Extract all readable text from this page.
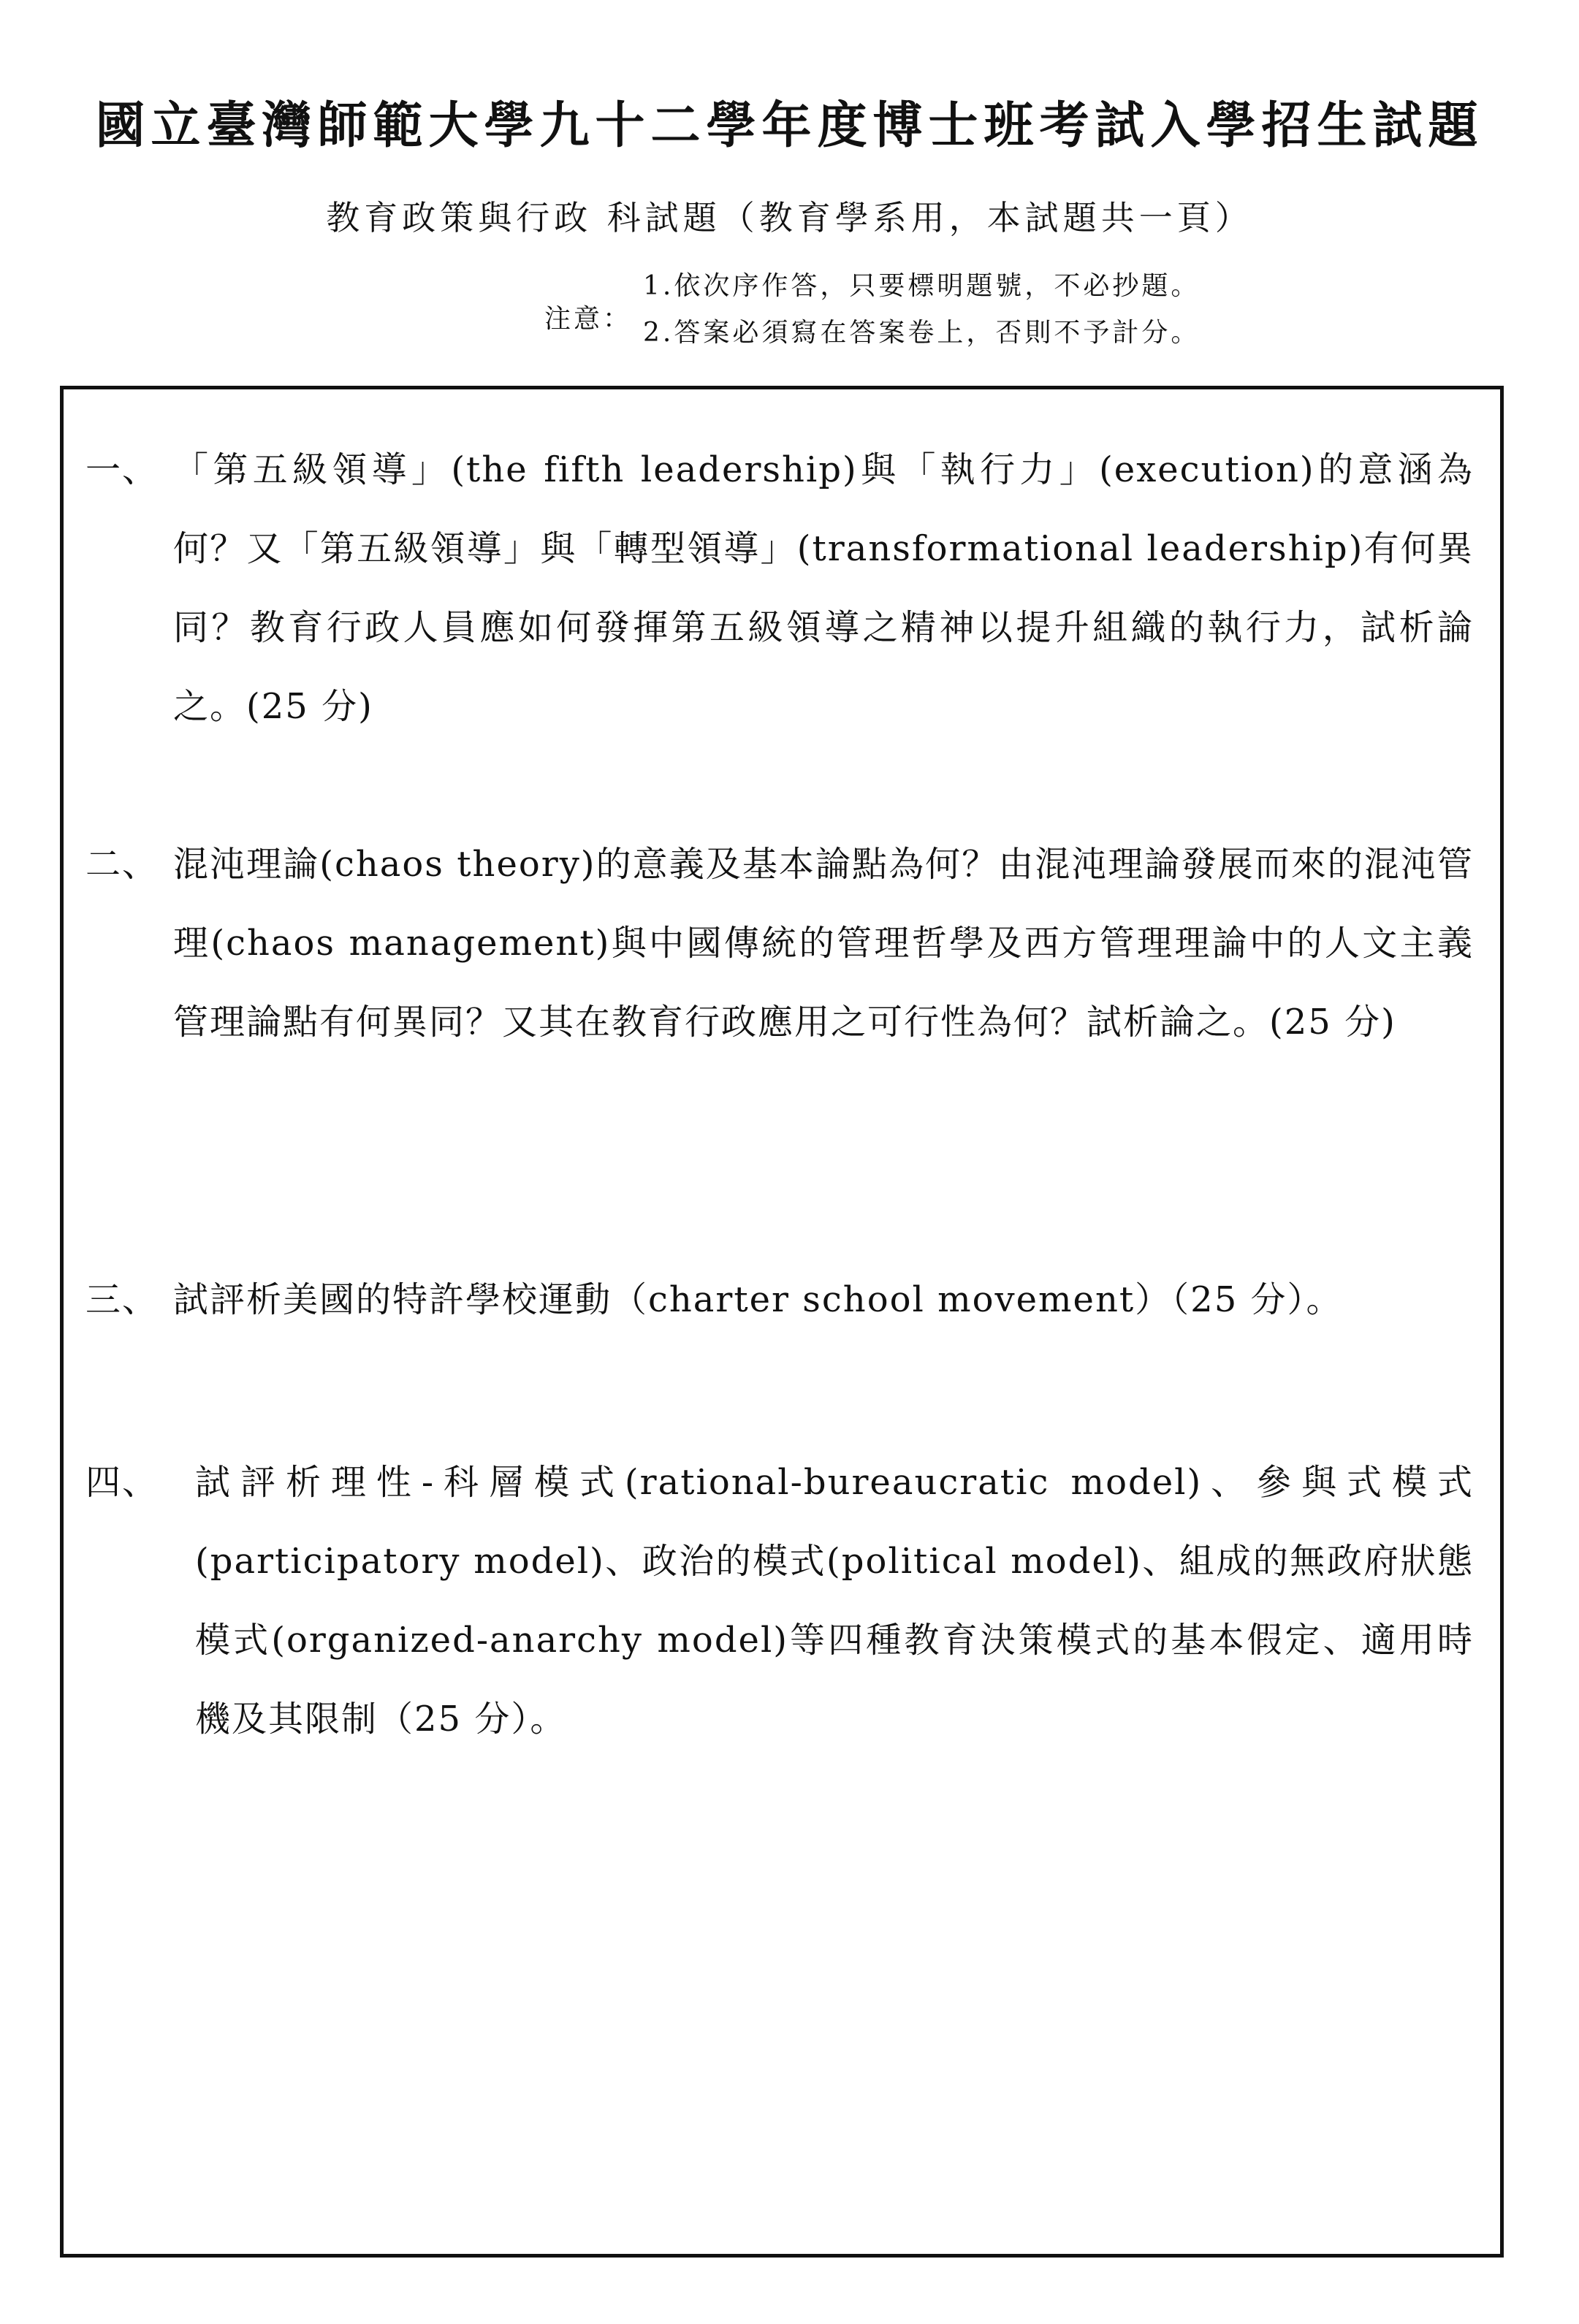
國立臺灣師範大學九十二學年度博士班考試入學招生試題
教育政策與行政 科試題（教育學系用，本試題共一頁）
注意：
1.依次序作答，只要標明題號，不必抄題。
2.答案必須寫在答案卷上，否則不予計分。
一、 「第五級領導」(the fifth leadership)與「執行力」(execution)的意涵為何？又「第五級領導」與「轉型領導」(transformational leadership)有何異同？教育行政人員應如何發揮第五級領導之精神以提升組織的執行力，試析論之。(25 分)

二、 混沌理論(chaos theory)的意義及基本論點為何？由混沌理論發展而來的混沌管理(chaos management)與中國傳統的管理哲學及西方管理理論中的人文主義管理論點有何異同？又其在教育行政應用之可行性為何？試析論之。(25 分)

三、 試評析美國的特許學校運動（charter school movement）（25 分）。

四、 試評析理性-科層模式(rational-bureaucratic model)、參與式模式(participatory model)、政治的模式(political model)、組成的無政府狀態模式(organized-anarchy model)等四種教育決策模式的基本假定、適用時機及其限制（25 分）。
